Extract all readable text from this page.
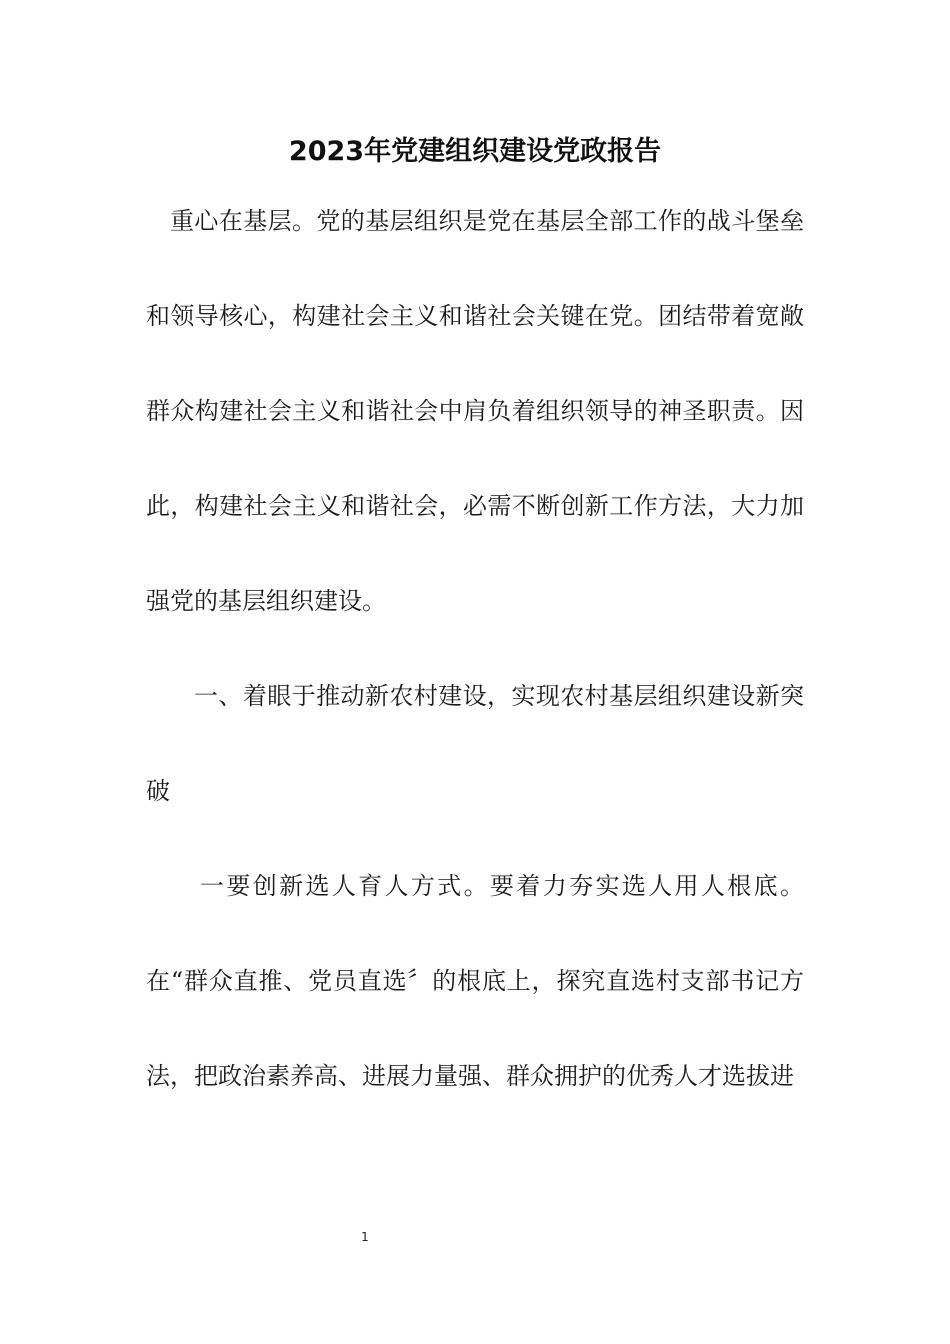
2023年党建组织建设党政报告

重心在基层。党的基层组织是党在基层全部工作的战斗堡垒和领导核心，构建社会主义和谐社会关键在党。团结带着宽敞群众构建社会主义和谐社会中肩负着组织领导的神圣职责。因此，构建社会主义和谐社会，必需不断创新工作方法，大力加强党的基层组织建设。

一、着眼于推动新农村建设，实现农村基层组织建设新突破

一要创新选人育人方式。要着力夯实选人用人根底。在“群众直推、党员直选〞的根底上，探究直选村支部书记方法，把政治素养高、进展力量强、群众拥护的优秀人才选拔进

1
